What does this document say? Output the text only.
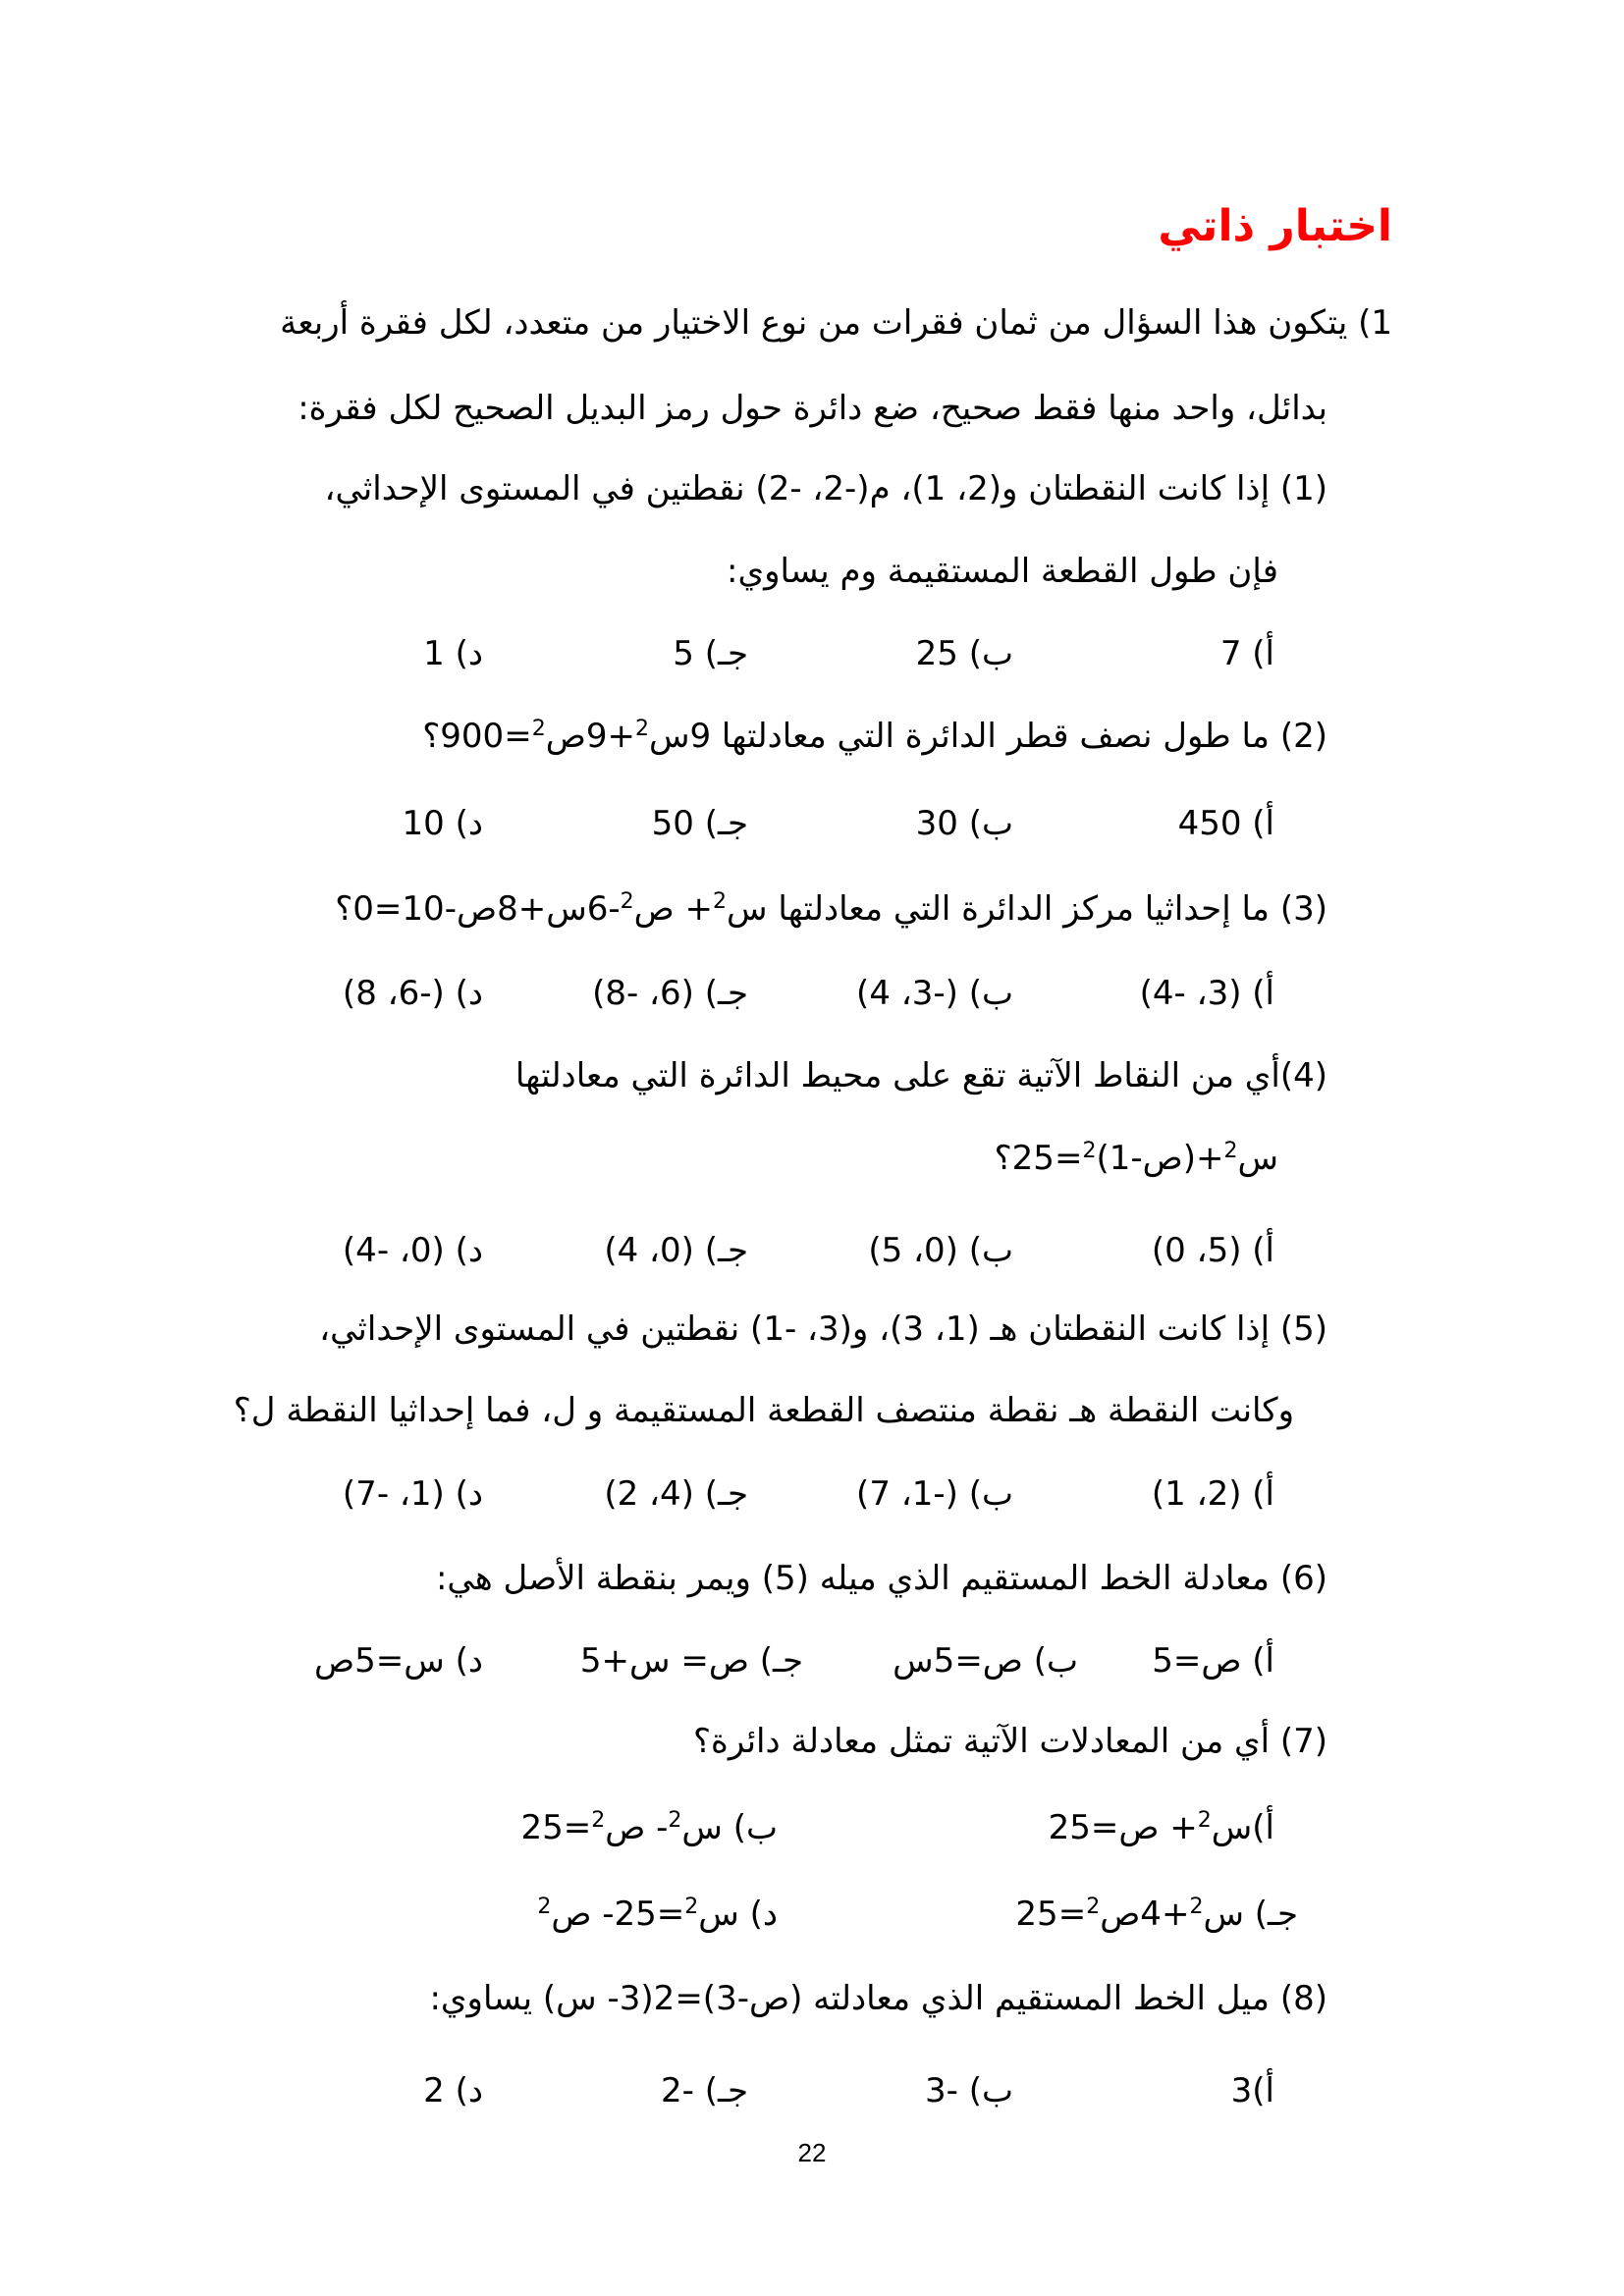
اختبار ذاتي
1) يتكون هذا السؤال من ثمان فقرات من نوع الاختيار من متعدد، لكل فقرة أربعة
بدائل، واحد منها فقط صحيح، ضع دائرة حول رمز البديل الصحيح لكل فقرة:
(1) إذا كانت النقطتان و(2، 1)، م(-2، -2) نقطتين في المستوى الإحداثي،
فإن طول القطعة المستقيمة وم يساوي:
أ) 7
ب) 25
جـ) 5
د) 1
(2) ما طول نصف قطر الدائرة التي معادلتها 9س$^2$+9ص$^2$=900؟
أ) 450
ب) 30
جـ) 50
د) 10
(3) ما إحداثيا مركز الدائرة التي معادلتها س$^2$+ ص$^2$-6س+8ص-10=0؟
أ) (3، -4)
ب) (-3، 4)
جـ) (6، -8)
د) (-6، 8)
(4)أي من النقاط الآتية تقع على محيط الدائرة التي معادلتها
س$^2$+(ص-1)$^2$=25؟
أ) (5، 0)
ب) (0، 5)
جـ) (0، 4)
د) (0، -4)
(5) إذا كانت النقطتان هـ (1، 3)، و(3، -1) نقطتين في المستوى الإحداثي،
وكانت النقطة هـ نقطة منتصف القطعة المستقيمة و ل، فما إحداثيا النقطة ل؟
أ) (2، 1)
ب) (-1، 7)
جـ) (4، 2)
د) (1، -7)
(6) معادلة الخط المستقيم الذي ميله (5) ويمر بنقطة الأصل هي:
أ) ص=5
ب) ص=5س
جـ) ص= س+5
د) س=5ص
(7) أي من المعادلات الآتية تمثل معادلة دائرة؟
أ)س$^2$+ ص=25
ب) س$^2$- ص$^2$=25
جـ) س$^2$+4ص$^2$=25
د) س$^2$=25- ص$^2$
(8) ميل الخط المستقيم الذي معادلته (ص-3)=2(3- س) يساوي:
أ)3
ب) -3
جـ) -2
د) 2
22
